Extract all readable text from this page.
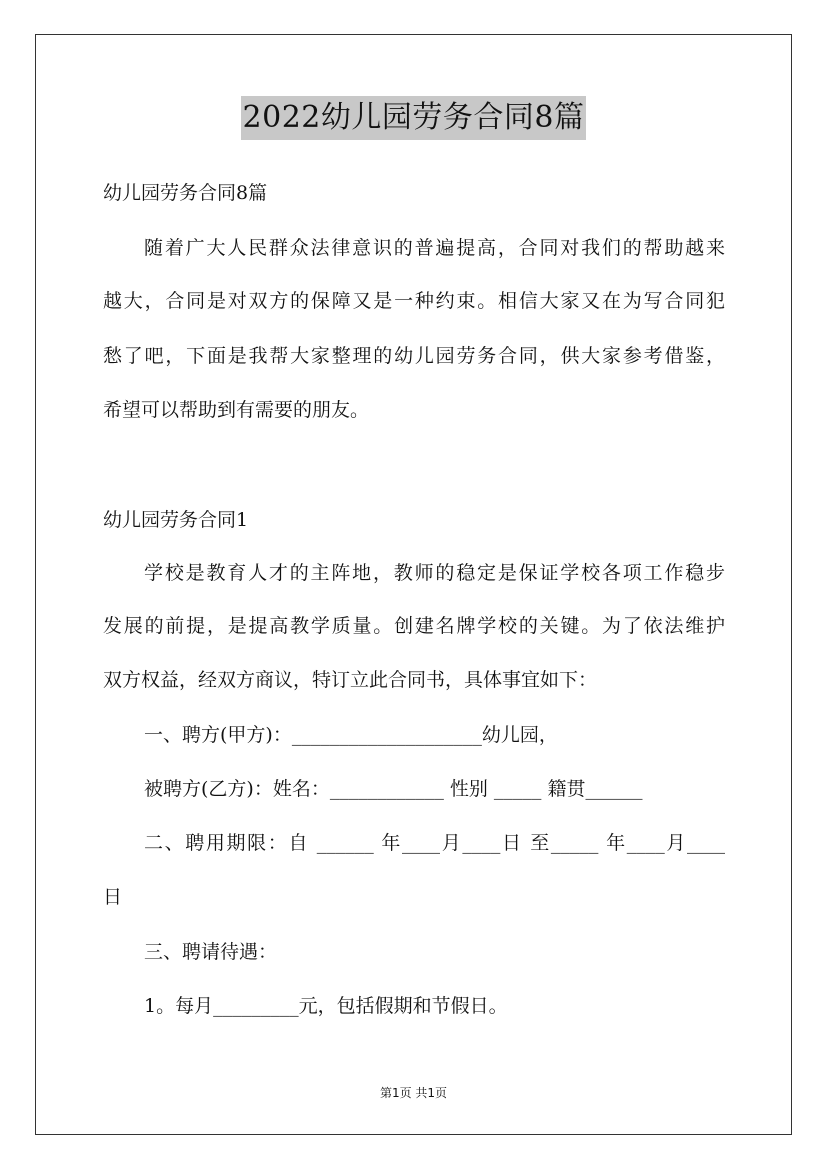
2022幼儿园劳务合同8篇
幼儿园劳务合同8篇
随着广大人民群众法律意识的普遍提高，合同对我们的帮助越来
越大，合同是对双方的保障又是一种约束。相信大家又在为写合同犯
愁了吧，下面是我帮大家整理的幼儿园劳务合同，供大家参考借鉴，
希望可以帮助到有需要的朋友。
幼儿园劳务合同1
学校是教育人才的主阵地，教师的稳定是保证学校各项工作稳步
发展的前提，是提高教学质量。创建名牌学校的关键。为了依法维护
双方权益，经双方商议，特订立此合同书，具体事宜如下：
一、聘方(甲方)：____________________幼儿园，
被聘方(乙方)：姓名：____________ 性别 _____ 籍贯______
二、聘用期限：自 ______ 年____月____日 至_____ 年____月____
日
三、聘请待遇：
1。每月_________元，包括假期和节假日。
第1页 共1页
